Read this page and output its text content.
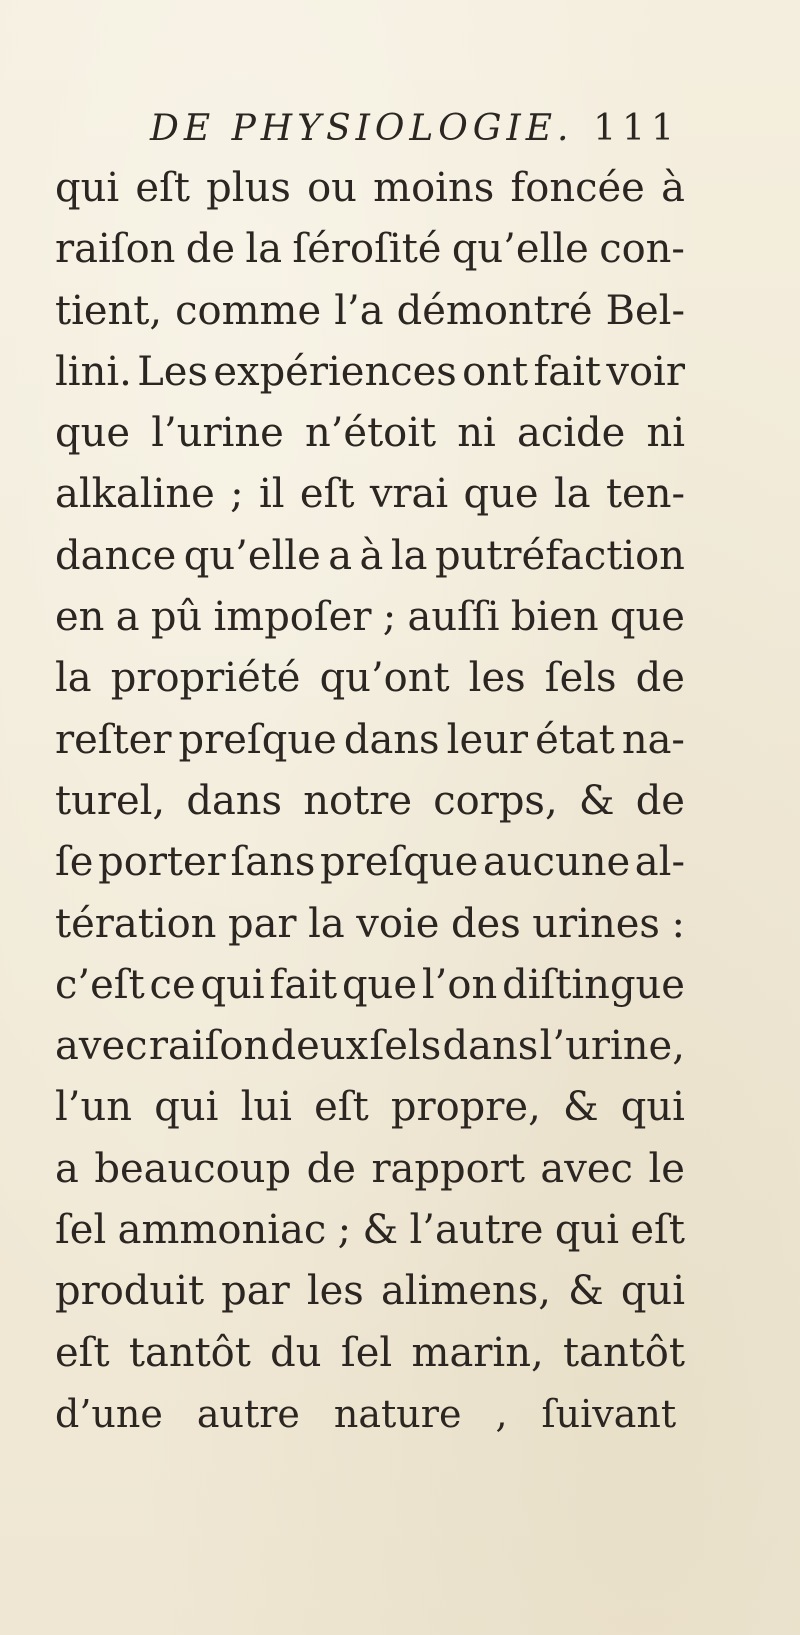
DE PHYSIOLOGIE. 111
qui eſt plus ou moins foncée à
raiſon de la ſéroſité qu’elle con-
tient, comme l’a démontré Bel-
lini. Les expériences ont fait voir
que l’urine n’étoit ni acide ni
alkaline ; il eſt vrai que la ten-
dance qu’elle a à la putréfaction
en a pû impoſer ; auſſi bien que
la propriété qu’ont les ſels de
reſter preſque dans leur état na-
turel, dans notre corps, & de
ſe porter ſans preſque aucune al-
tération par la voie des urines :
c’eſt ce qui fait que l’on diſtingue
avec raiſon deux ſels dans l’urine,
l’un qui lui eſt propre, & qui
a beaucoup de rapport avec le
ſel ammoniac ; & l’autre qui eſt
produit par les alimens, & qui
eſt tantôt du ſel marin, tantôt
d’une autre nature , ſuivant
